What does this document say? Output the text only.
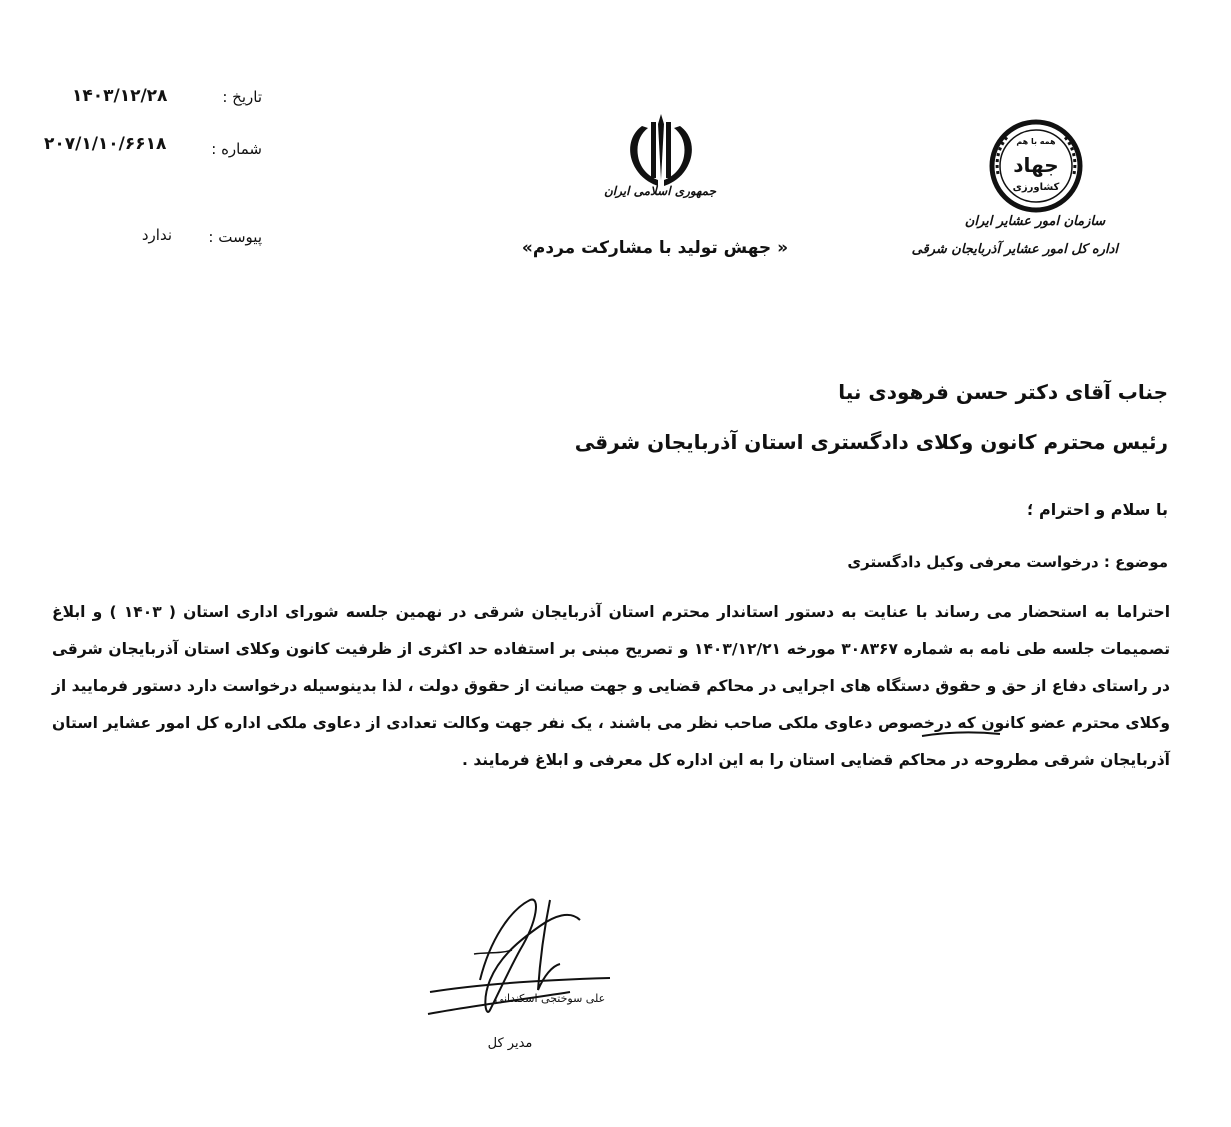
تاریخ :
۱۴۰۳/۱۲/۲۸
شماره :
۲۰۷/۱/۱۰/۶۶۱۸
پیوست :
ندارد
جمهوری اسلامی ایران
« جهش تولید با مشارکت مردم»
همه با هم
جهاد
کشاورزی
سازمان امور عشایر ایران
اداره کل امور عشایر آذربایجان شرقی
جناب آقای دکتر حسن فرهودی نیا
رئیس محترم کانون وکلای دادگستری استان آذربایجان شرقی
با سلام و احترام ؛
موضوع : درخواست معرفی وکیل دادگستری
احتراما به استحضار می رساند با عنایت به دستور استاندار محترم استان آذربایجان شرقی در نهمین جلسه شورای اداری استان ( ۱۴۰۳ ) و ابلاغ تصمیمات جلسه طی نامه به شماره ۳۰۸۳۶۷ مورخه ۱۴۰۳/۱۲/۲۱ و تصریح مبنی بر استفاده حد اکثری از ظرفیت کانون وکلای استان آذربایجان شرقی در راستای دفاع از حق و حقوق دستگاه های اجرایی در محاکم قضایی و جهت صیانت از حقوق دولت ، لذا بدینوسیله درخواست دارد دستور فرمایید از وکلای محترم عضو کانون که درخصوص دعاوی ملکی صاحب نظر می باشند ، یک نفر جهت وکالت تعدادی از دعاوی ملکی اداره کل امور عشایر استان آذربایجان شرقی مطروحه در محاکم قضایی استان را به این اداره کل معرفی و ابلاغ فرمایند .
علی سوختجی اسکندانی
مدیر کل
